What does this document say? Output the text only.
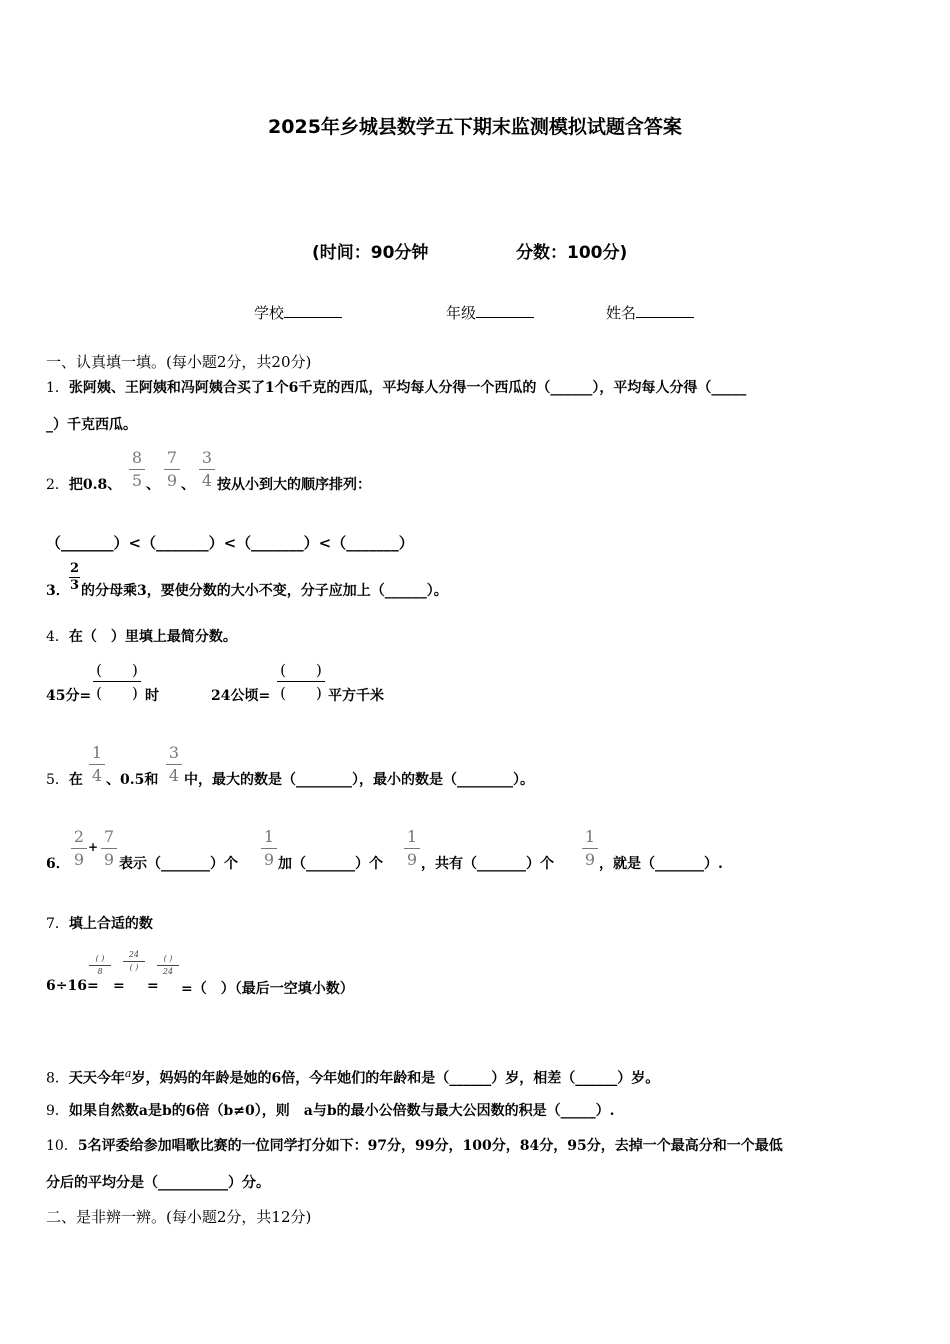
2025年乡城县数学五下期末监测模拟试题含答案
(时间：90分钟	分数：100分)
学校	年级	姓名
一、认真填一填。(每小题2分，共20分)
1．张阿姨、王阿姨和冯阿姨合买了1个6千克的西瓜，平均每人分得一个西瓜的（______），平均每人分得（_____
_）千克西瓜。
2．把0.8、
8
5 、
7
9 、
3
4 按从小到大的顺序排列：
（_______）<（_______）<（_______）<（_______）
3．
2
3 的分母乘3，要使分数的大小不变，分子应加上（______）。
4．在（　）里填上最简分数。
45分=
(　　)
(　　) 时	24公顷=
(　　)
(　　) 平方千米
5．在
1
4 、0.5和
3
4 中，最大的数是（________），最小的数是（________）。
6．
2
9
+
7
9 表示（_______）个
1
9 加（_______）个
1
9 ，共有（_______）个
1
9 ，就是（_______）.
7．填上合适的数
6÷16=
( )
8
=
24
( )
=
( )
24
=（　）（最后一空填小数）
8．天天今年$^a$岁，妈妈的年龄是她的6倍，今年她们的年龄和是（______）岁，相差（______）岁。
9．如果自然数a是b的6倍（b≠0），则　a与b的最小公倍数与最大公因数的积是（_____）.
10．5名评委给参加唱歌比赛的一位同学打分如下：97分，99分，100分，84分，95分，去掉一个最高分和一个最低
分后的平均分是（__________）分。
二、是非辨一辨。(每小题2分，共12分)
